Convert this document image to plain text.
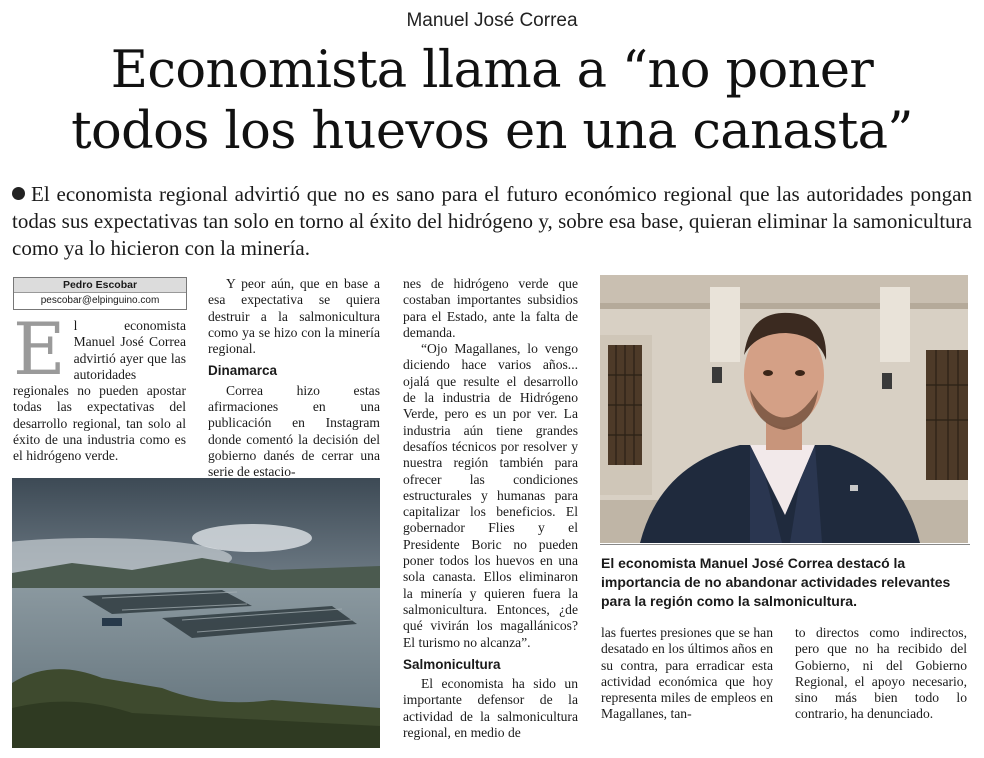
Manuel José Correa
Economista llama a “no poner
todos los huevos en una canasta”
El economista regional advirtió que no es sano para el futuro económico regional que las autoridades pongan todas sus expectativas tan solo en torno al éxito del hidrógeno y, sobre esa base, quieran eliminar la samonicultura como ya lo hicieron con la minería.
Pedro Escobar
pescobar@elpinguino.com
E l economista Manuel José Correa advirtió ayer que las autoridades regionales no pueden apostar todas las expectativas del desarrollo regional, tan solo al éxito de una industria como es el hidrógeno verde.

Y peor aún, que en base a esa expectativa se quiera destruir a la salmonicultura como ya se hizo con la minería regional.

Dinamarca

Correa hizo estas afirmaciones en una publicación en Instagram donde comentó la decisión del gobierno danés de cerrar una serie de estacio-

nes de hidrógeno verde que costaban importantes subsidios para el Estado, ante la falta de demanda.

“Ojo Magallanes, lo vengo diciendo hace varios años... ojalá que resulte el desarrollo de la industria de Hidrógeno Verde, pero es un por ver. La industria aún tiene grandes desafíos técnicos por resolver y nuestra región también para ofrecer las condiciones estructurales y humanas para capitalizar los beneficios. El gobernador Flies y el Presidente Boric no pueden poner todos los huevos en una sola canasta. Ellos eliminaron la minería y quieren fuera la salmonicultura. Entonces, ¿de qué vivirán los magallánicos? El turismo no alcanza”.

Salmonicultura

El economista ha sido un importante defensor de la actividad de la salmonicultura regional, en medio de

El economista Manuel José Correa destacó la importancia de no abandonar actividades relevantes para la región como la salmonicultura.

las fuertes presiones que se han desatado en los últimos años en su contra, para erradicar esta actividad económica que hoy representa miles de empleos en Magallanes, tan-

to directos como indirectos, pero que no ha recibido del Gobierno, ni del Gobierno Regional, el apoyo necesario, sino más bien todo lo contrario, ha denunciado.
